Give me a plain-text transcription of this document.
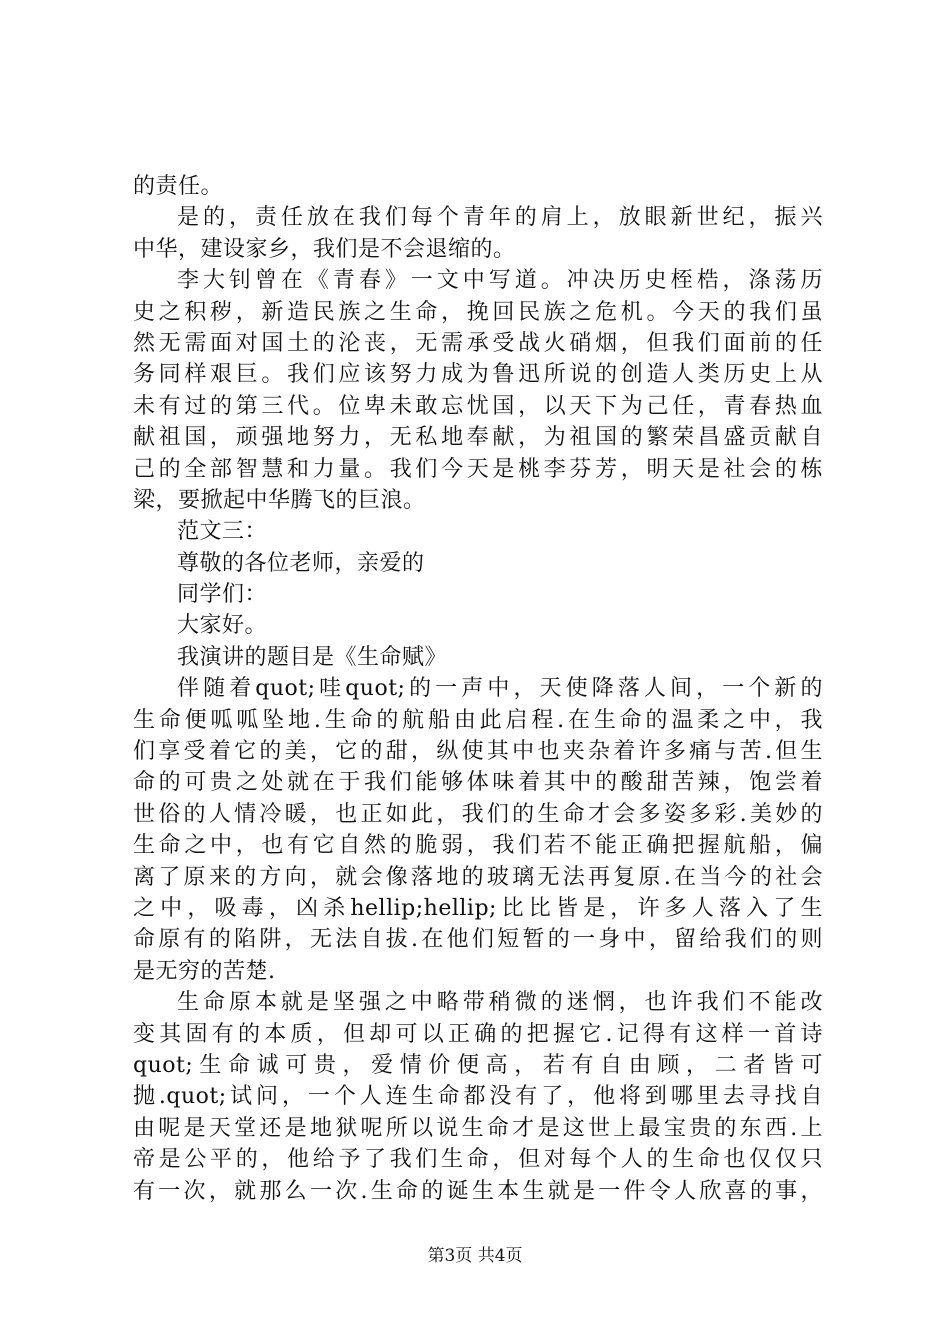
的责任。
是的，责任放在我们每个青年的肩上，放眼新世纪，振兴
中华，建设家乡，我们是不会退缩的。
李大钊曾在《青春》一文中写道。冲决历史桎梏，涤荡历
史之积秽，新造民族之生命，挽回民族之危机。今天的我们虽
然无需面对国土的沦丧，无需承受战火硝烟，但我们面前的任
务同样艰巨。我们应该努力成为鲁迅所说的创造人类历史上从
未有过的第三代。位卑未敢忘忧国，以天下为己任，青春热血
献祖国，顽强地努力，无私地奉献，为祖国的繁荣昌盛贡献自
己的全部智慧和力量。我们今天是桃李芬芳，明天是社会的栋
梁，要掀起中华腾飞的巨浪。
范文三：
尊敬的各位老师，亲爱的
同学们：
大家好。
我演讲的题目是《生命赋》
伴随着quot;哇quot;的一声中，天使降落人间，一个新的
生命便呱呱坠地.生命的航船由此启程.在生命的温柔之中，我
们享受着它的美，它的甜，纵使其中也夹杂着许多痛与苦.但生
命的可贵之处就在于我们能够体味着其中的酸甜苦辣，饱尝着
世俗的人情冷暖，也正如此，我们的生命才会多姿多彩.美妙的
生命之中，也有它自然的脆弱，我们若不能正确把握航船，偏
离了原来的方向，就会像落地的玻璃无法再复原.在当今的社会
之中，吸毒，凶杀hellip;hellip;比比皆是，许多人落入了生
命原有的陷阱，无法自拔.在他们短暂的一身中，留给我们的则
是无穷的苦楚.
生命原本就是坚强之中略带稍微的迷惘，也许我们不能改
变其固有的本质，但却可以正确的把握它.记得有这样一首诗
quot;生命诚可贵，爱情价便高，若有自由顾，二者皆可
抛.quot;试问，一个人连生命都没有了，他将到哪里去寻找自
由呢是天堂还是地狱呢所以说生命才是这世上最宝贵的东西.上
帝是公平的，他给予了我们生命，但对每个人的生命也仅仅只
有一次，就那么一次.生命的诞生本生就是一件令人欣喜的事，
第3页 共4页
